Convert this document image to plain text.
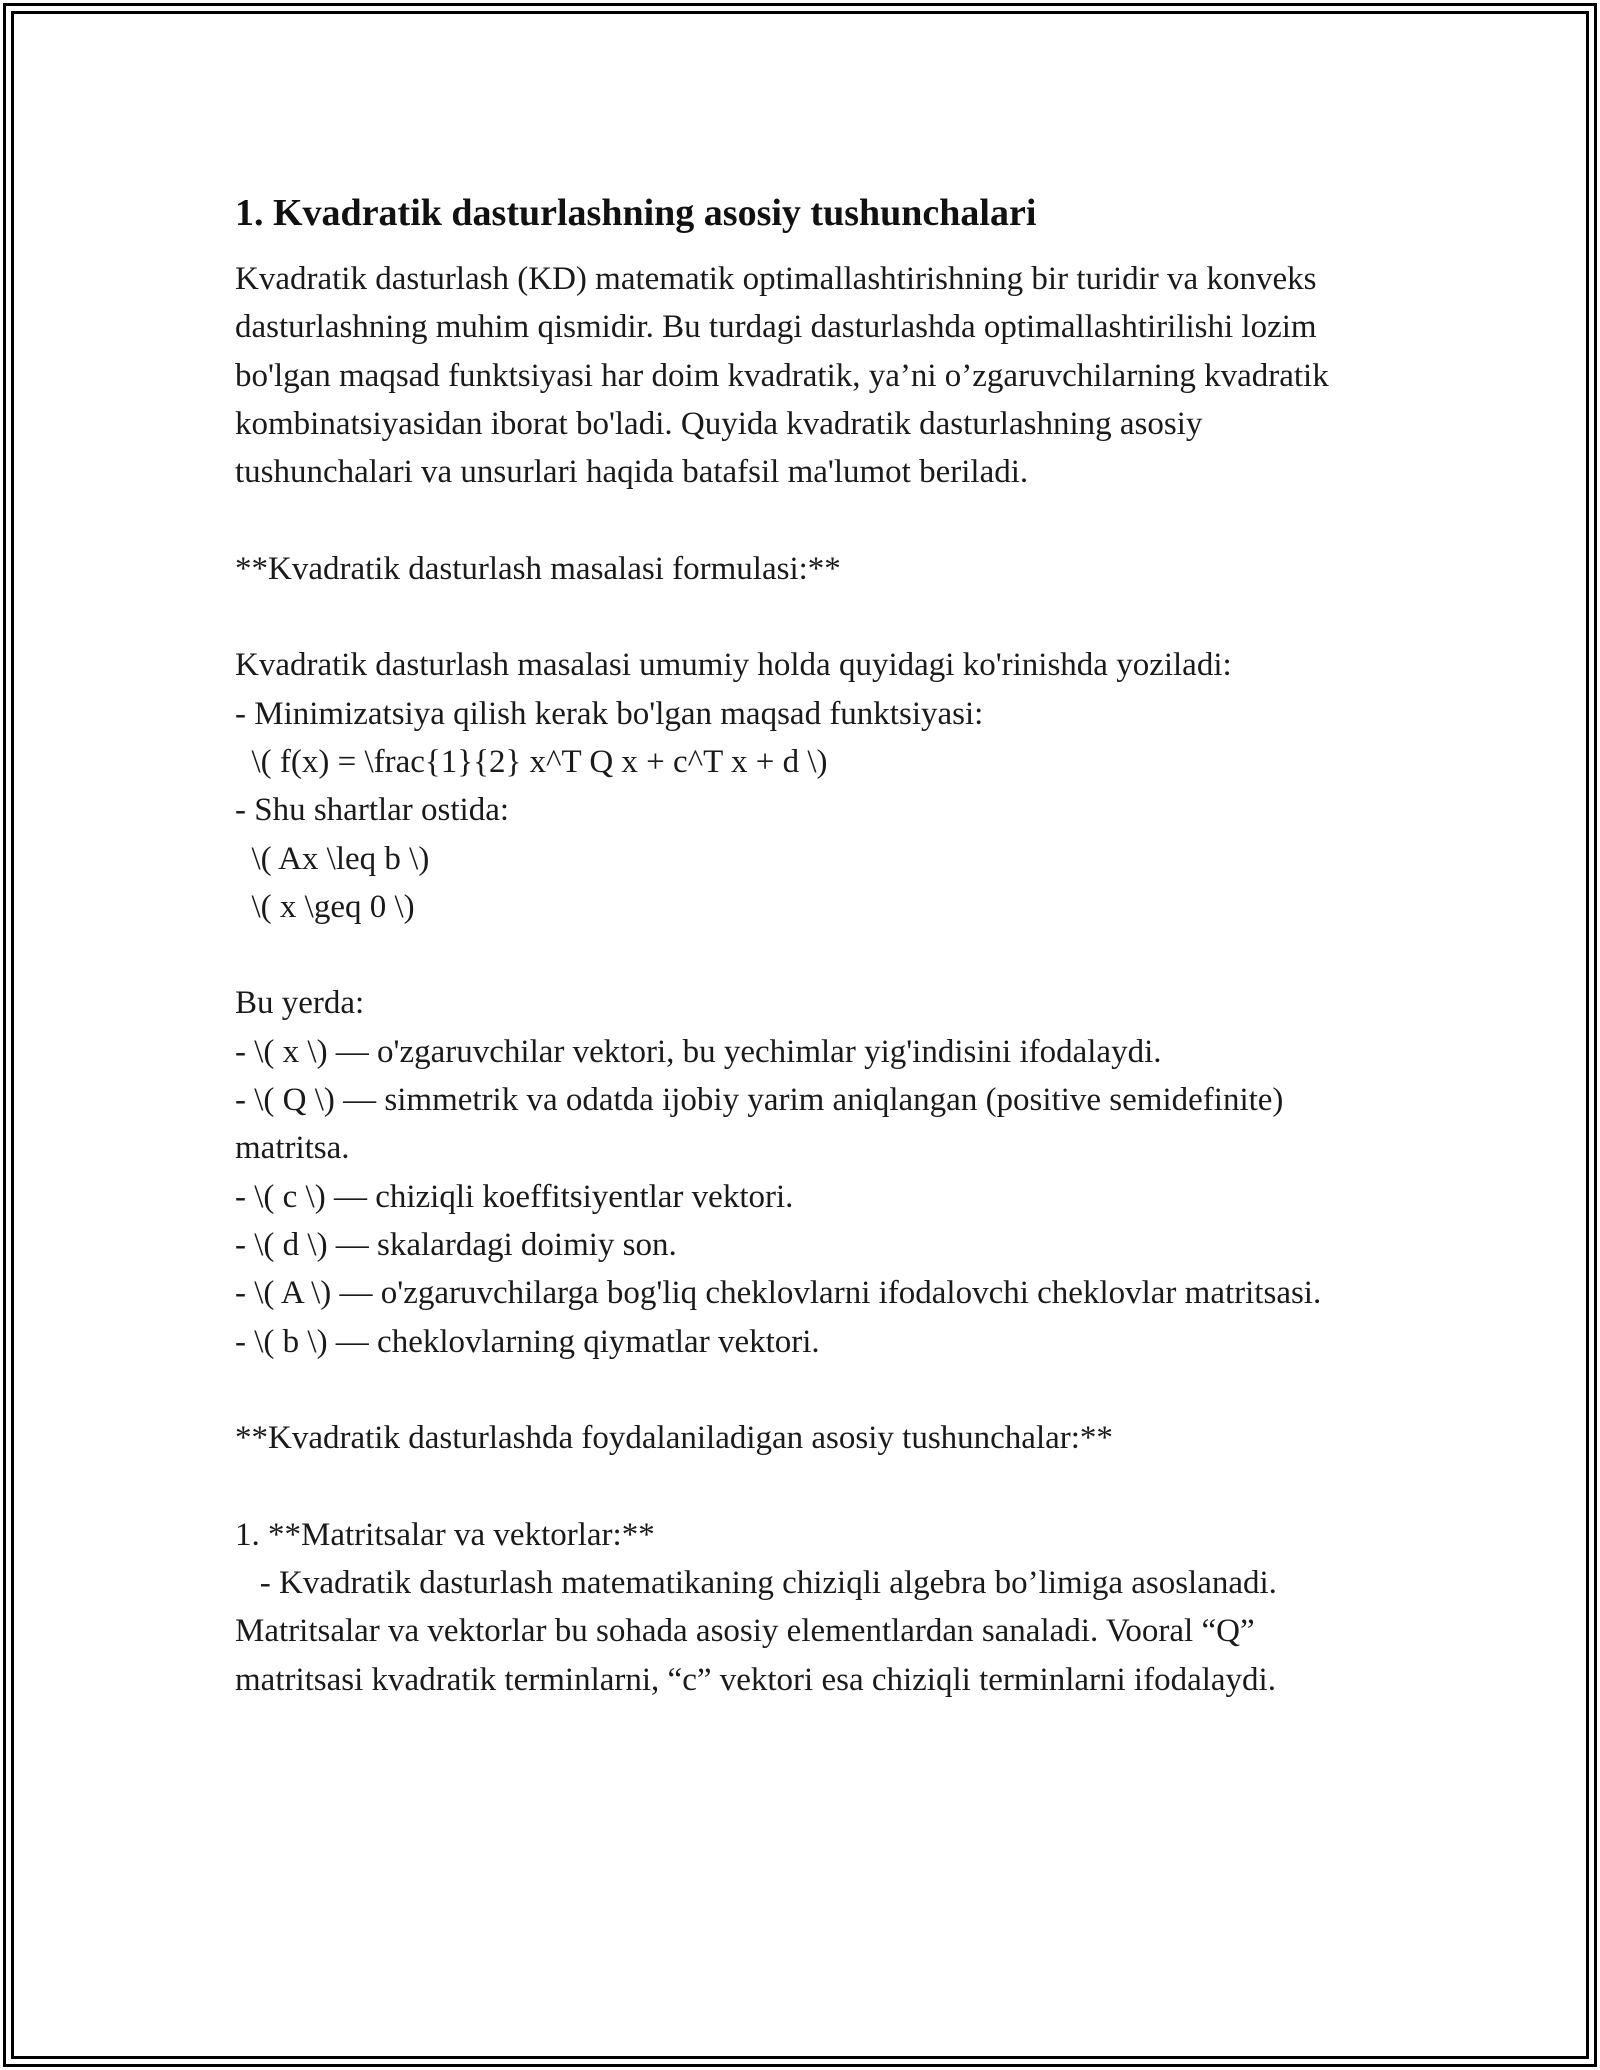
1. Kvadratik dasturlashning asosiy tushunchalari

Kvadratik dasturlash (KD) matematik optimallashtirishning bir turidir va konveks dasturlashning muhim qismidir. Bu turdagi dasturlashda optimallashtirilishi lozim bo'lgan maqsad funktsiyasi har doim kvadratik, ya’ni o’zgaruvchilarning kvadratik kombinatsiyasidan iborat bo'ladi. Quyida kvadratik dasturlashning asosiy tushunchalari va unsurlari haqida batafsil ma'lumot beriladi.

**Kvadratik dasturlash masalasi formulasi:**

Kvadratik dasturlash masalasi umumiy holda quyidagi ko'rinishda yoziladi:

- Minimizatsiya qilish kerak bo'lgan maqsad funktsiyasi:

\( f(x) = \frac{1}{2} x^T Q x + c^T x + d \)

- Shu shartlar ostida:

\( Ax \leq b \)

\( x \geq 0 \)

Bu yerda:

- \( x \) — o'zgaruvchilar vektori, bu yechimlar yig'indisini ifodalaydi.

- \( Q \) — simmetrik va odatda ijobiy yarim aniqlangan (positive semidefinite) matritsa.

- \( c \) — chiziqli koeffitsiyentlar vektori.

- \( d \) — skalardagi doimiy son.

- \( A \) — o'zgaruvchilarga bog'liq cheklovlarni ifodalovchi cheklovlar matritsasi.

- \( b \) — cheklovlarning qiymatlar vektori.

**Kvadratik dasturlashda foydalaniladigan asosiy tushunchalar:**

1. **Matritsalar va vektorlar:**

- Kvadratik dasturlash matematikaning chiziqli algebra bo’limiga asoslanadi. Matritsalar va vektorlar bu sohada asosiy elementlardan sanaladi. Vooral “Q” matritsasi kvadratik terminlarni, “c” vektori esa chiziqli terminlarni ifodalaydi.
